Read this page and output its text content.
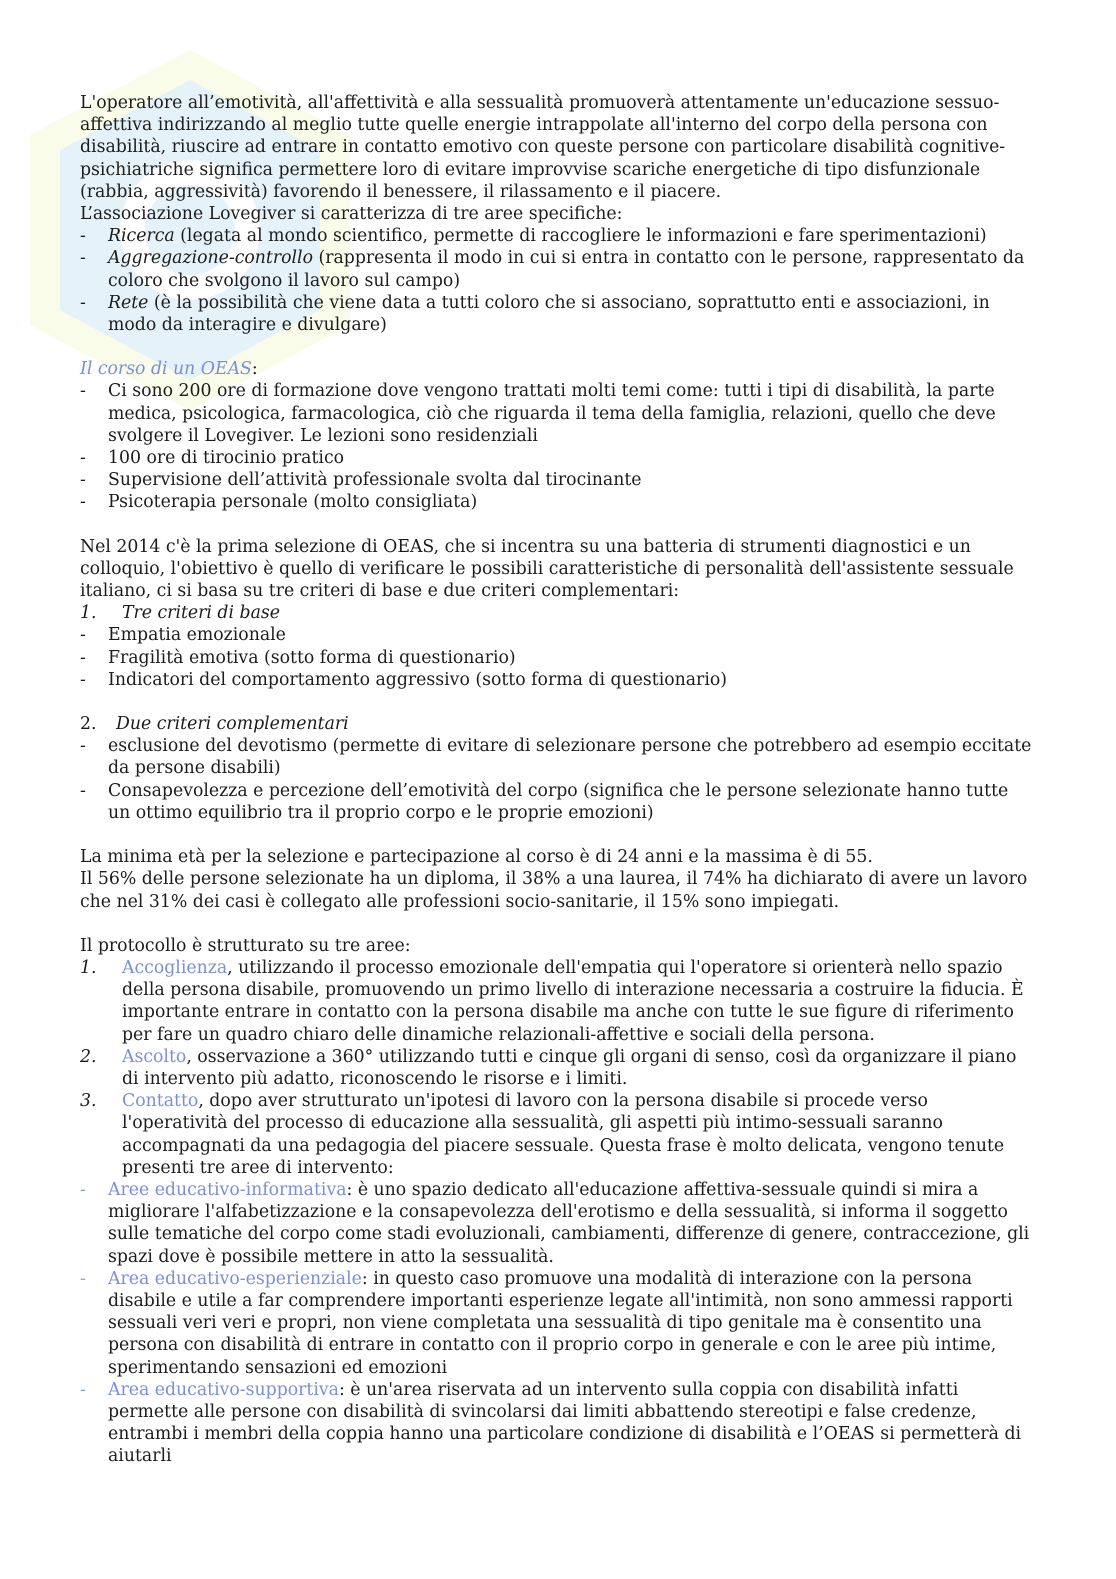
L'operatore all’emotività, all'affettività e alla sessualità promuoverà attentamente un'educazione sessuo-affettiva indirizzando al meglio tutte quelle energie intrappolate all'interno del corpo della persona con disabilità, riuscire ad entrare in contatto emotivo con queste persone con particolare disabilità cognitive-psichiatriche significa permettere loro di evitare improvvise scariche energetiche di tipo disfunzionale (rabbia, aggressività) favorendo il benessere, il rilassamento e il piacere.

L’associazione Lovegiver si caratterizza di tre aree specifiche:

-	Ricerca (legata al mondo scientifico, permette di raccogliere le informazioni e fare sperimentazioni)
-	Aggregazione-controllo (rappresenta il modo in cui si entra in contatto con le persone, rappresentato da coloro che svolgono il lavoro sul campo)
-	Rete (è la possibilità che viene data a tutti coloro che si associano, soprattutto enti e associazioni, in modo da interagire e divulgare)

Il corso di un OEAS:

-	Ci sono 200 ore di formazione dove vengono trattati molti temi come: tutti i tipi di disabilità, la parte medica, psicologica, farmacologica, ciò che riguarda il tema della famiglia, relazioni, quello che deve svolgere il Lovegiver. Le lezioni sono residenziali
-	100 ore di tirocinio pratico
-	Supervisione dell’attività professionale svolta dal tirocinante
-	Psicoterapia personale (molto consigliata)

Nel 2014 c'è la prima selezione di OEAS, che si incentra su una batteria di strumenti diagnostici e un colloquio, l'obiettivo è quello di verificare le possibili caratteristiche di personalità dell'assistente sessuale italiano, ci si basa su tre criteri di base e due criteri complementari:

1.	Tre criteri di base
-	Empatia emozionale
-	Fragilità emotiva (sotto forma di questionario)
-	Indicatori del comportamento aggressivo (sotto forma di questionario)
2.	Due criteri complementari
-	esclusione del devotismo (permette di evitare di selezionare persone che potrebbero ad esempio eccitate da persone disabili)
-	Consapevolezza e percezione dell’emotività del corpo (significa che le persone selezionate hanno tutte un ottimo equilibrio tra il proprio corpo e le proprie emozioni)

La minima età per la selezione e partecipazione al corso è di 24 anni e la massima è di 55.

Il 56% delle persone selezionate ha un diploma, il 38% a una laurea, il 74% ha dichiarato di avere un lavoro che nel 31% dei casi è collegato alle professioni socio-sanitarie, il 15% sono impiegati.

Il protocollo è strutturato su tre aree:

1.	Accoglienza, utilizzando il processo emozionale dell'empatia qui l'operatore si orienterà nello spazio della persona disabile, promuovendo un primo livello di interazione necessaria a costruire la fiducia. È importante entrare in contatto con la persona disabile ma anche con tutte le sue figure di riferimento per fare un quadro chiaro delle dinamiche relazionali-affettive e sociali della persona.
2.	Ascolto, osservazione a 360° utilizzando tutti e cinque gli organi di senso, così da organizzare il piano di intervento più adatto, riconoscendo le risorse e i limiti.
3.	Contatto, dopo aver strutturato un'ipotesi di lavoro con la persona disabile si procede verso l'operatività del processo di educazione alla sessualità, gli aspetti più intimo-sessuali saranno accompagnati da una pedagogia del piacere sessuale. Questa frase è molto delicata, vengono tenute presenti tre aree di intervento:
-	Aree educativo-informativa: è uno spazio dedicato all'educazione affettiva-sessuale quindi si mira a migliorare l'alfabetizzazione e la consapevolezza dell'erotismo e della sessualità, si informa il soggetto sulle tematiche del corpo come stadi evoluzionali, cambiamenti, differenze di genere, contraccezione, gli spazi dove è possibile mettere in atto la sessualità.
-	Area educativo-esperienziale: in questo caso promuove una modalità di interazione con la persona disabile e utile a far comprendere importanti esperienze legate all'intimità, non sono ammessi rapporti sessuali veri veri e propri, non viene completata una sessualità di tipo genitale ma è consentito una persona con disabilità di entrare in contatto con il proprio corpo in generale e con le aree più intime, sperimentando sensazioni ed emozioni
-	Area educativo-supportiva: è un'area riservata ad un intervento sulla coppia con disabilità infatti permette alle persone con disabilità di svincolarsi dai limiti abbattendo stereotipi e false credenze, entrambi i membri della coppia hanno una particolare condizione di disabilità e l’OEAS si permetterà di aiutarli
